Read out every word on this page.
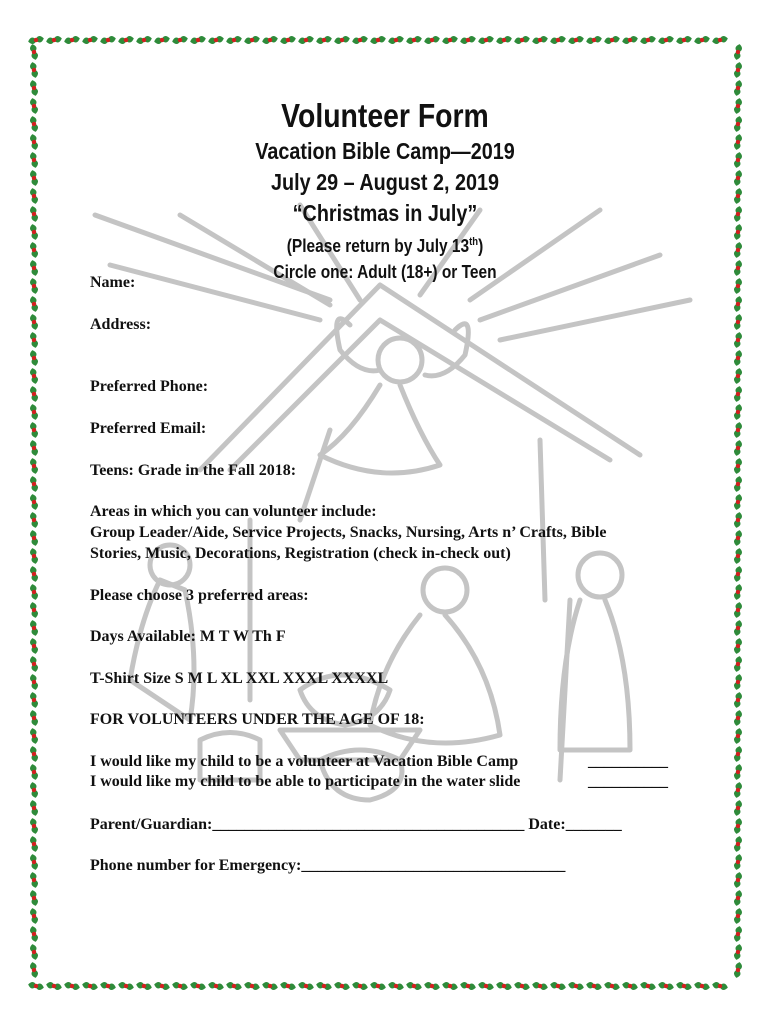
Volunteer Form
Vacation Bible Camp—2019
July 29 – August 2, 2019
“Christmas in July”
(Please return by July 13th)
Circle one: Adult (18+) or Teen
Name:
Address:
Preferred Phone:
Preferred Email:
Teens: Grade in the Fall 2018:
Areas in which you can volunteer include:
Group Leader/Aide, Service Projects, Snacks, Nursing, Arts n’ Crafts, Bible
Stories, Music, Decorations, Registration (check in-check out)
Please choose 3 preferred areas:
Days Available: M T W Th F
T-Shirt Size S M L XL XXL XXXL XXXXL
FOR VOLUNTEERS UNDER THE AGE OF 18:
I would like my child to be a volunteer at Vacation Bible Camp	__________
I would like my child to be able to participate in the water slide	__________
Parent/Guardian:_______________________________________ Date:_______
Phone number for Emergency:_________________________________
